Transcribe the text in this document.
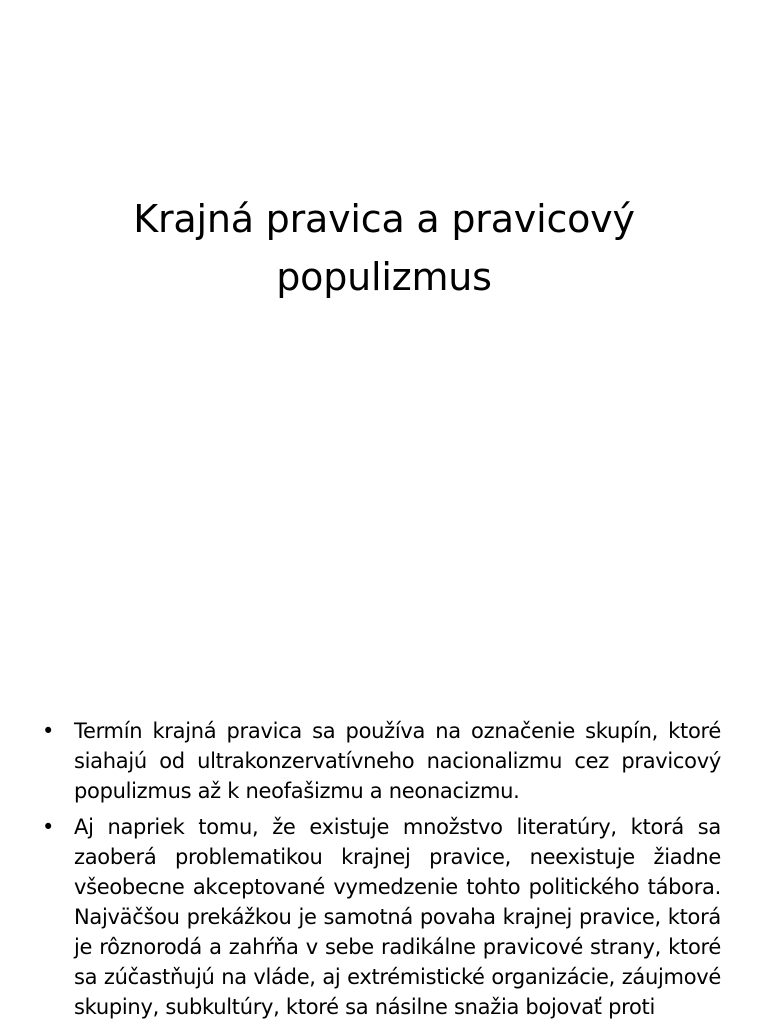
Krajná pravica a pravicový
populizmus
• Termín krajná pravica sa používa na označenie skupín, ktoré siahajú od ultrakonzervatívneho nacionalizmu cez pravicový populizmus až k neofašizmu a neonacizmu.
• Aj napriek tomu, že existuje množstvo literatúry, ktorá sa zaoberá problematikou krajnej pravice, neexistuje žiadne všeobecne akceptované vymedzenie tohto politického tábora. Najväčšou prekážkou je samotná povaha krajnej pravice, ktorá je rôznorodá a zahŕňa v sebe radikálne pravicové strany, ktoré sa zúčastňujú na vláde, aj extrémistické organizácie, záujmové skupiny, subkultúry, ktoré sa násilne snažia bojovať proti
